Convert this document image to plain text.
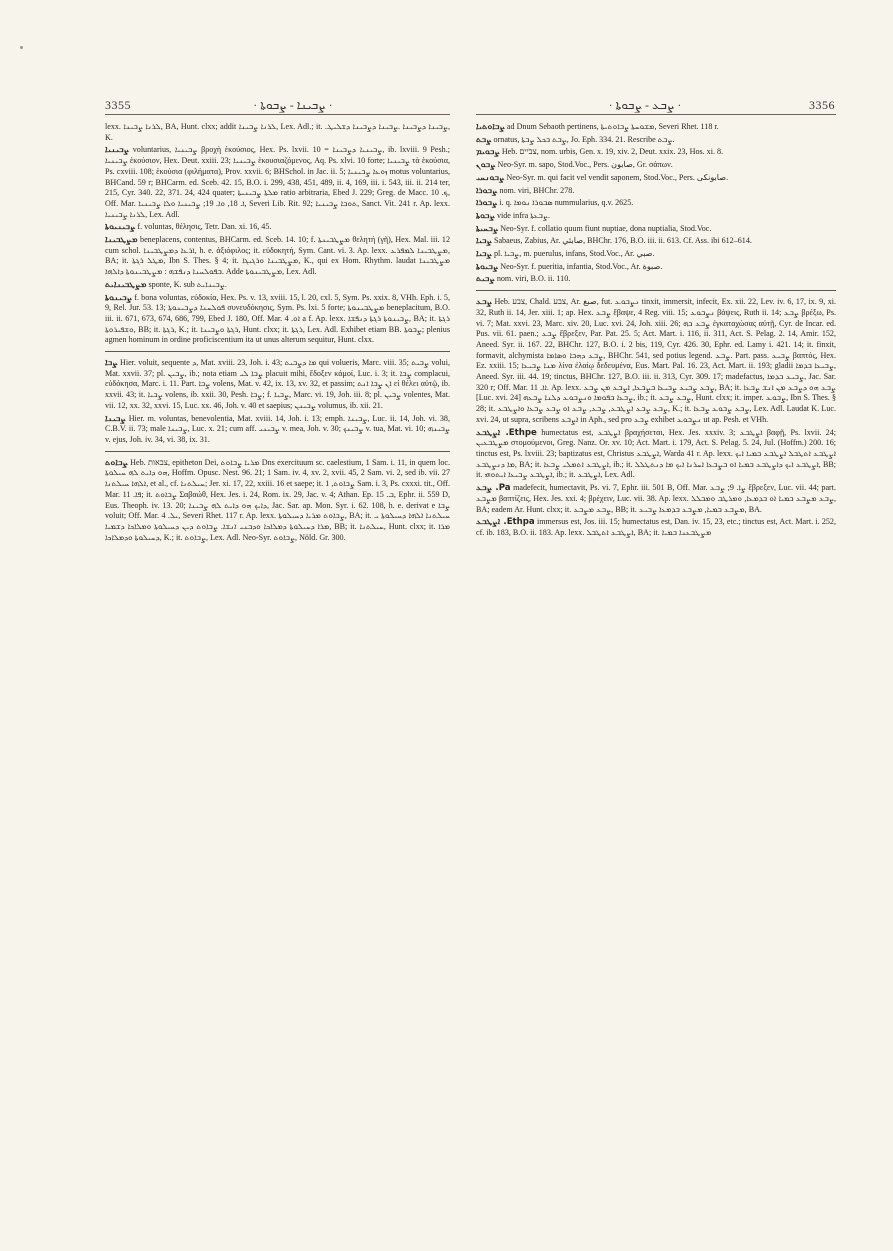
3355	· ܨܒܝܢܐ - ܨܒܘܬܐ ·	· ܨܒܥ - ܨܒܘܬܐ ·	3356

lexx. ܠܪܢܐ ܨܒܝܢܐ, BA, Hunt. clxx; addit ܠܪܢܐ ܨܒܝܢܐ, Lex. Adl.; it. .ܨܒܝܢܐ ܕܨܒܝܢܐ .ܨܒܝܢܐ ܕܨܒܝܢܐ ܕܫܠܝܛ, K.

ܨܒܝܢܝܐ voluntarius, ܨܒܝܢܝܐ βροχὴ ἑκούσιος, Hex. Ps. lxvii. 10 = ܨܒܝܢܝܐ ܕܨܒܝܢܐ, ib. lxviii. 9 Pesh.; ܨܒܝܢܝܐ ἑκούσιον, Hex. Deut. xxiii. 23; ܨܒܝܢܝܐ ἑκουσιαζόμενος, Aq. Ps. xlvi. 10 forte; ܨܒܝܢܝܐ τὰ ἑκούσια, Ps. cxviii. 108; ἑκούσια (φιλήματα), Prov. xxvii. 6; BHSchol. in Jac. ii. 5; ܙܘܥܐ ܨܒܝܢܝܐ motus voluntarius, BHCand. 59 r; BHCarm. ed. Sceb. 42. 15, B.O. i. 299, 438, 451, 489, ii. 4, 169, iii. i. 543, iii. ii. 214 ter, 215, Cyr. 340. 22, 371. 24, 424 quater; ܡܠܬܐ ܨܒܝܢܝܬܐ ratio arbitraria, Ebed J. 229; Greg. de Macc. ܟ. 10, Off. Mar. ܐ. 18, ܘܐ. 19; ܨܒܝܢܝܐ ܘܠܐ ܨܒܝܢܝܐ, Severi Lib. Rit. 92; ܬܘܒܐ ܨܒܝܢܝܐ, Sanct. Vit. 241 r. Ap. lexx. ܠܪܢܐ ܨܒܝܢܝܐ, Lex. Adl.

ܨܒܝܢܝܘܬܐ f. voluntas, θέλησις, Tetr. Dan. xi. 16, 45.

ܡܨܛܒܝܢܐ beneplacens, contentus, BHCarm. ed. Sceb. 14. 10; f. ܡܨܛܒܝܢܬܐ θελητή (γῆ), Hex. Mal. iii. 12 cum schol. ܐܪܥܐ ܕܡܨܛܒܝܢܐ, h. e. ἀξιόφιλος; it. εὐδοκητή, Sym. Cant. vi. 3. Ap. lexx. ܡܨܛܒܝܢܐ ܠܡܦܪܥ, BA; it. ܡܛܠ ܪܓܬܐ, Ibn S. Thes. § 4; it. ܡܨܛܒܝܢܐ ܘܪܓܝܓܐ, K., qui ex Hom. Rhythm. laudat ܡܨܛܒܝܢܐ ܒܦܘܠܚܢܐ ܕܢܦܫܗ : ܡܨܛܒܝܢܘܬܐ ܕܐܠܗܐ. Adde ܡܨܛܒܝܢܘܬܐ, Lex. Adl.

ܡܨܛܒܝܢܐܝܬ sponte, K. sub ܨܒܝܢܐܝܬ.

ܨܒܝܢܘܬܐ f. bona voluntas, εὐδοκία, Hex. Ps. v. 13, xviii. 15, l. 20, cxl. 5, Sym. Ps. xxix. 8, VHh. Eph. i. 5, 9, Rel. Jur. 53. 13; ܦܘܠܚܢܐ ܕܨܒܝܢܘܬܐ συνευδόκησις, Sym. Ps. lxi. 5 forte; ܡܨܛܒܝܢܘܬܐ beneplacitum, B.O. iii. ii. 671, 673, 674, 686, 799, Ebed J. 180, Off. Mar. ܐܘ. 4 a f. Ap. lexx. ܨܒܝܢܘܬܐ ܪܓܬܐ ܕܢܦܫܐ, BA; it. ܪܓܬܐ ܘܫܦܝܪܘܬܐ, BB; it. ܪܓܬܐ, K.; it. ܪܓܬܐ ܘܨܒܝܢܐ, Hunt. clxx; it. ܪܓܬܐ, Lex. Adl. Exhibet etiam BB. ܨܒܘܬܐ; plenius agmen hominum in ordine proficiscentium ita ut unus alterum sequitur, Hunt. clxx.

ܨܒܐ Hier. voluit, sequente ܕ, Mat. xviii. 23, Joh. i. 43; ܡܐ ܕܨܒܝܬ qui volueris, Marc. viii. 35; ܨܒܝܬ volui, Mat. xxvii. 37; pl. ܨܒܝܢ, ib.; nota etiam ܨܒܐ ܠܝ placuit mihi, ἔδοξεν κἀμοί, Luc. i. 3; it. ܨܒܐ complacui, εὐδόκησα, Marc. i. 11. Part. ܨܒܐ volens, Mat. v. 42, ix. 13, xv. 32, et passim; ܐܢ ܨܒܐ ܐܢܬ εἰ θέλει αὐτῷ, ib. xxvii. 43; it. ܨܒܝܐ volens, ib. xxii. 30, Pesh. ܨܒܐ; f. ܨܒܝܐ, Marc. vi. 19, Joh. iii. 8; pl. ܨܒܝܢ volentes, Mat. vii. 12, xx. 32, xxvi. 15, Luc. xx. 46, Joh. v. 40 et saepius; ܨܒܝܢܢ volumus, ib. xii. 21.

ܨܒܝܢܐ Hier. m. voluntas, benevolentia, Mat. xviii. 14, Joh. i. 13; emph. ܨܒܝܢܐ, Luc. ii. 14, Joh. vi. 38, C.B.V. ii. 73; male ܨܒܝܢܐ, Luc. x. 21; cum aff. ܨܒܝܢܝ v. mea, Joh. v. 30; ܨܒܝܢܟ v. tua, Mat. vi. 10; ܨܒܝܢܗ v. ejus, Joh. iv. 34, vi. 38, ix. 31.

ܨܒܐܘܬ Heb. צבאות, epitheton Dei, ܡܪܝܐ ܨܒܐܘܬ Dns exercituum sc. caelestium, 1 Sam. i. 11, in quem loc. ܗܘ ܕܐܝܬ ܠܗ ܚܝܠܘܬܐ, Hoffm. Opusc. Nest. 96. 21; 1 Sam. iv. 4, xv. 2, xvii. 45, 2 Sam. vi. 2, sed ib. vii. 27 ܐܠܗܐ ܚܝܠܬܢܐ, et al., cf. ܚܝܠܬܢܐ; Jer. xi. 17, 22, xxiii. 16 et saepe; it. ܨܒܐܘܬ, 1 Sam. i. 3, Ps. cxxxi. tit., Off. Mar. ܦܐ. 11; it. ܨܒܐܘܬ Σαβαώθ, Hex. Jes. i. 24, Rom. ix. 29, Jac. v. 4; Athan. Ep. ܒ. 15, Ephr. ii. 559 D, Eus. Theoph. iv. 13. 20; ܕܐܝܟ ܗܘ ܕܐܝܬ ܠܗ ܨܒܝܢܐ, Jac. Sar. ap. Mon. Syr. i. 62. 108, h. e. derivat e ܨܒܐ voluit; Off. Mar. ܝܠ. 4, Severi Rhet. 117 r. Ap. lexx. ܨܒܐܘܬ ܡܪܝܐ ܕܚܝܠܘܬܐ, BA; it. ܚܝܠܬܢܐ ܐܠܗܐ ܕܚܝܠܘܬܐ ܝ ܡܪܐ ܕܚܝܠܘܬܐ ܕܡܠܐܟܐ ܘܕܒܢܝ ܐܢܫܐ. ܨܒܐܘܬ ܕܝܢ ܕܚܝܠܘܬܐ ܘܡܠܐܟܐ ܕܫܡܝܐ, BB; it. ܚܝܠܬܢܐ, Hunt. clxx; it. ܡܪܐ ܕܚܝܠܘܬܐ ܘܕܡܠܐܟܐ, K.; it. ܨܒܐܘܬ, Lex. Adl. Neo-Syr. ܨܒܐܘܬ, Nöld. Gr. 300.

ܨܒܐܘܬܝܐ ad Dnum Sebaoth pertinens, ܡܫܘܚܬܐ ܨܒܐܘܬܝܬܐ, Severi Rhet. 118 r.

ܨܒܬ ornatus, ܨܒܬ ܒܟܠ ܨܒܬܐ, Jo. Eph. 334. 21. Rescribe ܨܒܬ.

ܨܒܘܝܡ Heb. צבֹיים, nom. urbis, Gen. x. 19, xiv. 2, Deut. xxix. 23, Hos. xi. 8.

ܨܒܘܢ Neo-Syr. m. sapo, Stod.Voc., Pers. صابون, Gr. σάπων.

ܨܒܘܢܚܝ Neo-Syr. m. qui facit vel vendit saponem, Stod.Voc., Pers. صابونکی.

ܨܒܘܪܐ nom. viri, BHChr. 278.

ܨܒܘܪܐ i. q. ܣܒܘܪܐ ܢܘܡܐ nummularius, q.v. 2625.

ܨܒܘܬܐ vide infra ܨܒܥܬܐ.

ܨܒܚܝܬܐ Neo-Syr. f. collatio quum fiunt nuptiae, dona nuptialia, Stod.Voc.

ܨܒܝܐ Sabaeus, Zabius, Ar. صابئي, BHChr. 176, B.O. iii. ii. 613. Cf. Ass. ibi 612–614.

ܨܒܝܐ pl. ܨܒܝܐ, m. puerulus, infans, Stod.Voc., Ar. صبي.

ܨܒܝܘܬܐ Neo-Syr. f. pueritia, infantia, Stod.Voc., Ar. صبوة.

ܨܒܝܬ nom. viri, B.O. ii. 110.

ܨܒܥ Heb. צבע, Chald. צבע, Ar. صبغ, fut. ܢܨܒܘܥ tinxit, immersit, infecit, Ex. xii. 22, Lev. iv. 6, 17, ix. 9, xi. 32, Ruth ii. 14, Jer. xiii. 1; ap. Hex. ܨܒܥ ἔβαψε, 4 Reg. viii. 15; ܢܨܒܘܥ βάψεις, Ruth ii. 14; ܨܒܥ βρέξω, Ps. vi. 7; Mat. xxvi. 23, Marc. xiv. 20, Luc. xvi. 24, Joh. xiii. 26; ܨܒܥ ܒܗ ἐγκαταχώσας αὐτῇ, Cyr. de Incar. ed. Pus. vii. 61. paen.; ܨܒܥ ἔβρεξεν, Par. Pat. 25. 5; Act. Mart. i. 116, ii. 311, Act. S. Pelag. 2. 14, Amir. 152, Aneed. Syr. ii. 167. 22, BHChr. 127, B.O. i. 2 bis, 119, Cyr. 426. 30, Ephr. ed. Lamy i. 421. 14; it. finxit, formavit, alchymista ܨܒܥ ܕܗܒܐ ܘܣܐܡܐ, BHChr. 541, sed potius legend. ܨܒܥ. Part. pass. ܨܒܝܥ βαπτός, Hex. Ez. xxiii. 15; ܡܢܐ ܨܒܝܥܐ λίνα ἐλαίῳ δεδευμένα, Eus. Mart. Pal. 16. 23, Act. Mart. ii. 193; gladii ܨܒܝܥܐ ܒܕܡܐ, Aneed. Syr. iii. 44. 19; tinctus, BHChr. 127, B.O. iii. ii. 313, Cyr. 309. 17; madefactus, ܨܒܝܥ ܒܕܡܐ, Jac. Sar. 320 r; Off. Mar. ܐܐ. 11. Ap. lexx. ܨܒܥ ܨܒܝܥ ܨܒܝܥܐ ܒܨܒܥܐ, ܐܨܒܥ ܡܢ ܨܒܥ, BA; it. ܨܒܥ ܗܘ ܕܨܒܥ ܡܢ ܐܢܫ ܨܒܥܐ [Luc. xvi. 24] ܨܒܥܐ ܒܦܘܡܐ ܘܢܨܒܘܥ ܕܠܢܐ ܨܒܥܗ, ib.; it. ܨܒܥ ܨܒܥ, Hunt. clxx; it. imper. ܨܒܘܥ, Ibn S. Thes. § 28; it. ܨܒܥ ܨܒܥ ܐܨܛܒܥ, ܨܒܥ, ܨܒܥ ܐܘ ܨܒܥ ܨܒܥܐ ܘܐܨܛܒܥ, K.; it. ܨܒܥ ܨܒܘܥ ܨܒܥܐ, Lex. Adl. Laudat K. Luc. xvi. 24, ut supra, scribens ܐܨܒܥ in Aph., sed pro ܨܒܥ exhibet ܢܨܒܘܥ ut ap. Pesh. et VHh.

Ethpe. ܐܨܛܒܥ humectatus est, ܐܨܛܒܥ βραχήσεται, Hex. Jes. xxxiv. 3; ܐܨܛܒܥ βαφῇ, Ps. lxvii. 24; ܡܨܛܒܥܝܢ στομούμενοι, Greg. Nanz. Or. xv. 10; Act. Mart. i. 179, Act. S. Pelag. 5. 24, Jul. (Hoffm.) 200. 16; tinctus est, Ps. lxviii. 23; baptizatus est, Christus ܐܨܛܒܥ, Warda 41 r. Ap. lexx. ܐܨܛܒܥ ܐܬܛܒܠ ܐܨܛܒܥ ܒܡܝܐ ܐܝܟ ܡܐ ܕܢܨܛܒܥ, BA; it. ܐܨܛܒܥ ܐܬܡܠܝ ܨܒܥܐ, ib.; it. ܐܨܛܒܥ ܐܝܟ ܕܐܨܛܒܥ ܒܡܝܐ ܐܘ ܒܨܒܥܐ ܐܚܪܢܐ ܐܝܟ ܡܐ ܕܢܬܛܠܠ, BB; it. ܐܨܛܒܥ ܨܒܝܥܐ ܐܝܬܘܗܝ, ib.; it. ܐܨܛܒܥ, Lex. Adl.

Pa. ܨܒܥ madefecit, humectavit, Ps. vi. 7, Ephr. iii. 501 B, Off. Mar. ܨܐ. 9; ܨܒܥ ἔβρεξεν, Luc. vii. 44; part. ܡܨܒܥ βαπτίζεις, Hex. Jes. xxi. 4; βρέχειν, Luc. vii. 38. Ap. lexx. ܨܒܥ ܡܨܒܥ ܒܡܝܐ ܐܘ ܒܕܡܥܐ, ܘܡܪܛܒ ܘܡܒܠܠ, BA; eadem Ar. Hunt. clxx; it. ܨܒܥ ܡܨܒܥ, BB; it. ܡܨܒܥ ܒܡܝܐ, ܡܨܒܥ ܒܕܡܥܐ ܨܒܝܥ, BA.

Ethpa. ܐܨܛܒܥ immersus est, Jos. iii. 15; humectatus est, Dan. iv. 15, 23, etc.; tinctus est, Act. Mart. i. 252, cf. ib. 183, B.O. ii. 183. Ap. lexx. ܐܨܛܒܥ ܐܬܛܒܠ, BA; it. ܡܨܛܒܥܢܐ ܒܡܝܐ
